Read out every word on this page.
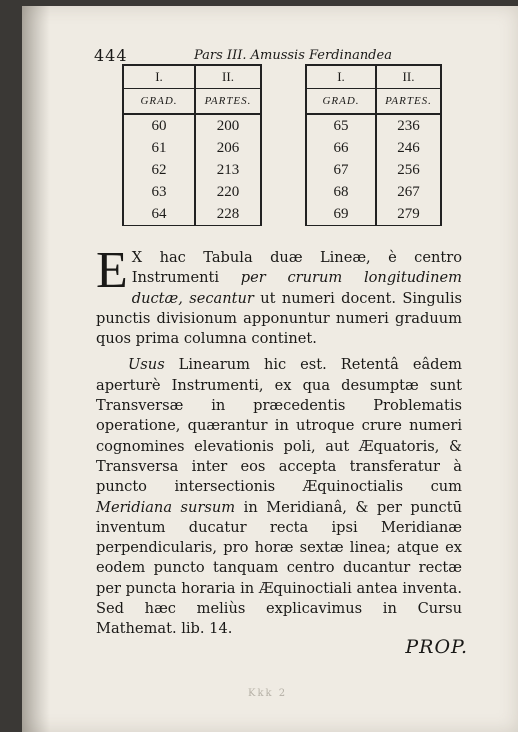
444	Pars III. Amussis Ferdinandea
I.	II.
GRAD.	PARTES.
60	200
61	206
62	213
63	220
64	228
I.	II.
GRAD.	PARTES.
65	236
66	246
67	256
68	267
69	279

E X hac Tabula duæ Lineæ, è centro Instrumenti per crurum longitudinem ductæ, secantur ut numeri docent. Singulis punctis divisionum apponuntur numeri graduum quos prima columna continet.

Usus Linearum hic est. Retentâ eâdem aperturè Instrumenti, ex qua desumptæ sunt Transversæ in præcedentis Problematis operatione, quærantur in utroque crure numeri cognomines elevationis poli, aut Æquatoris, & Transversa inter eos accepta transferatur à puncto intersectionis Æquinoctialis cum Meridiana sursum in Meridianâ, & per punctū inventum ducatur recta ipsi Meridianæ perpendicularis, pro horæ sextæ linea; atque ex eodem puncto tanquam centro ducantur rectæ per puncta horaria in Æquinoctiali antea inventa. Sed hæc meliùs explicavimus in Cursu Mathemat. lib. 14.

PROP.
Kkk 2
